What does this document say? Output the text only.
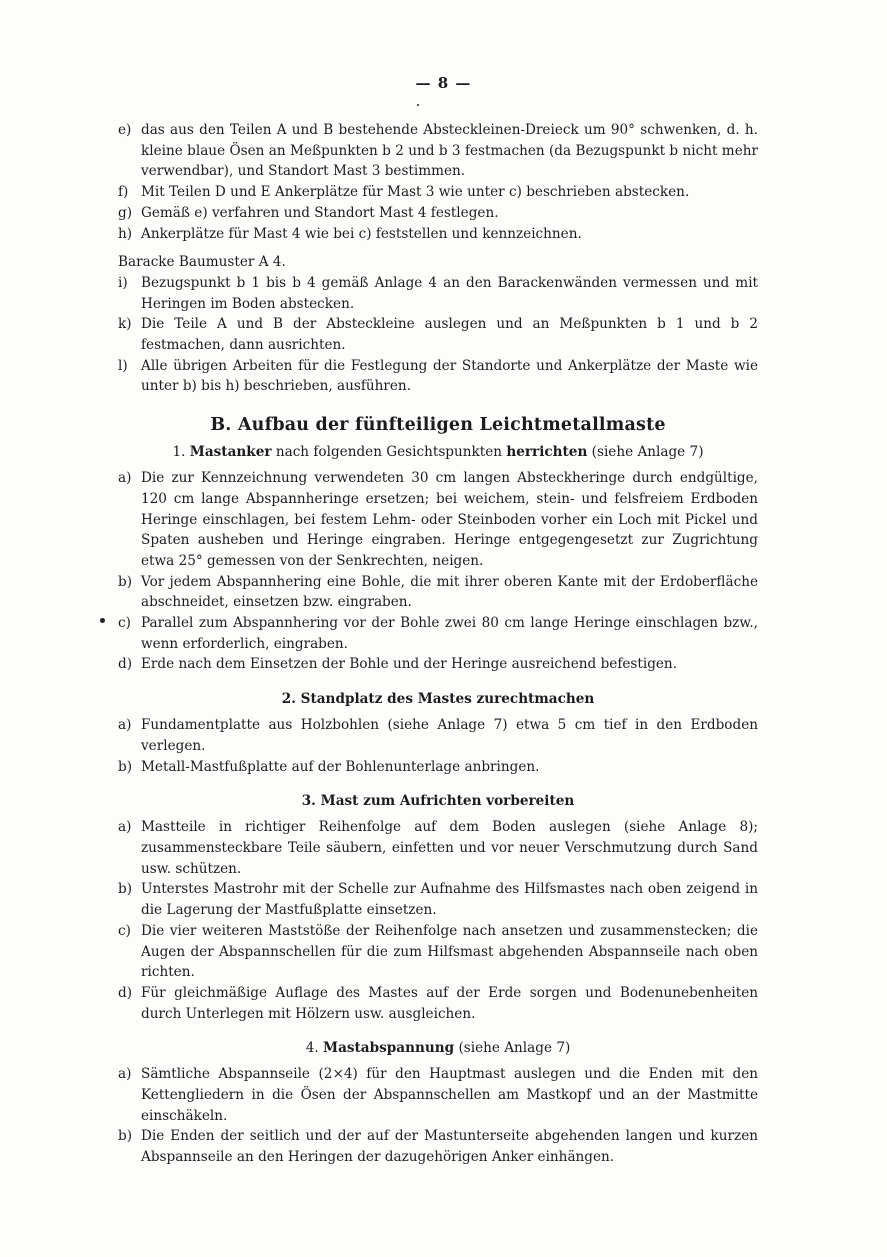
— 8 —

e) das aus den Teilen A und B bestehende Absteckleinen-Dreieck um 90° schwenken, d. h. kleine blaue Ösen an Meßpunkten b 2 und b 3 festmachen (da Bezugspunkt b nicht mehr verwendbar), und Standort Mast 3 bestimmen.

f) Mit Teilen D und E Ankerplätze für Mast 3 wie unter c) beschrieben abstecken.

g) Gemäß e) verfahren und Standort Mast 4 festlegen.

h) Ankerplätze für Mast 4 wie bei c) feststellen und kennzeichnen.

Baracke Baumuster A 4.

i) Bezugspunkt b 1 bis b 4 gemäß Anlage 4 an den Barackenwänden vermessen und mit Heringen im Boden abstecken.

k) Die Teile A und B der Absteckleine auslegen und an Meßpunkten b 1 und b 2 festmachen, dann ausrichten.

l) Alle übrigen Arbeiten für die Festlegung der Standorte und Ankerplätze der Maste wie unter b) bis h) beschrieben, ausführen.

B. Aufbau der fünfteiligen Leichtmetallmaste

1. Mastanker nach folgenden Gesichtspunkten herrichten (siehe Anlage 7)

a) Die zur Kennzeichnung verwendeten 30 cm langen Absteckheringe durch endgültige, 120 cm lange Abspannheringe ersetzen; bei weichem, stein- und felsfreiem Erdboden Heringe einschlagen, bei festem Lehm- oder Steinboden vorher ein Loch mit Pickel und Spaten ausheben und Heringe eingraben. Heringe entgegengesetzt zur Zugrichtung etwa 25° gemessen von der Senkrechten, neigen.

b) Vor jedem Abspannhering eine Bohle, die mit ihrer oberen Kante mit der Erdoberfläche abschneidet, einsetzen bzw. eingraben.

c) Parallel zum Abspannhering vor der Bohle zwei 80 cm lange Heringe einschlagen bzw., wenn erforderlich, eingraben.

d) Erde nach dem Einsetzen der Bohle und der Heringe ausreichend befestigen.

2. Standplatz des Mastes zurechtmachen

a) Fundamentplatte aus Holzbohlen (siehe Anlage 7) etwa 5 cm tief in den Erdboden verlegen.

b) Metall-Mastfußplatte auf der Bohlenunterlage anbringen.

3. Mast zum Aufrichten vorbereiten

a) Mastteile in richtiger Reihenfolge auf dem Boden auslegen (siehe Anlage 8); zusammensteckbare Teile säubern, einfetten und vor neuer Verschmutzung durch Sand usw. schützen.

b) Unterstes Mastrohr mit der Schelle zur Aufnahme des Hilfsmastes nach oben zeigend in die Lagerung der Mastfußplatte einsetzen.

c) Die vier weiteren Maststöße der Reihenfolge nach ansetzen und zusammenstecken; die Augen der Abspannschellen für die zum Hilfsmast abgehenden Abspannseile nach oben richten.

d) Für gleichmäßige Auflage des Mastes auf der Erde sorgen und Bodenunebenheiten durch Unterlegen mit Hölzern usw. ausgleichen.

4. Mastabspannung (siehe Anlage 7)

a) Sämtliche Abspannseile (2×4) für den Hauptmast auslegen und die Enden mit den Kettengliedern in die Ösen der Abspannschellen am Mastkopf und an der Mastmitte einschäkeln.

b) Die Enden der seitlich und der auf der Mastunterseite abgehenden langen und kurzen Abspannseile an den Heringen der dazugehörigen Anker einhängen.
